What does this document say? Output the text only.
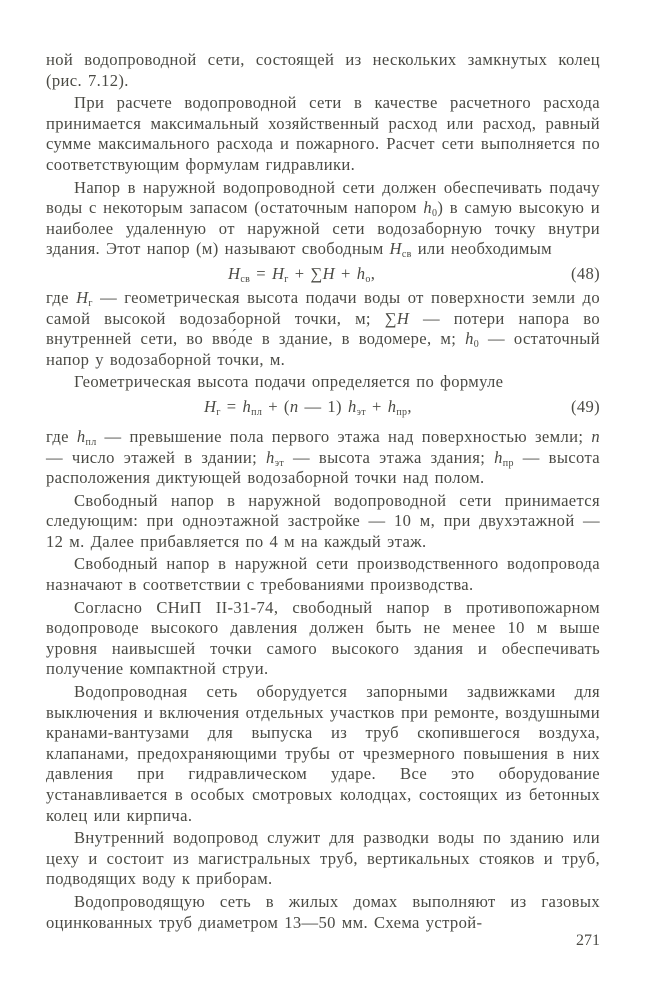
ной водопроводной сети, состоящей из нескольких замкнутых колец (рис. 7.12).

При расчете водопроводной сети в качестве расчетного расхода принимается максимальный хозяйственный расход или расход, равный сумме максимального расхода и пожарного. Расчет сети выполняется по соответствующим формулам гидравлики.

Напор в наружной водопроводной сети должен обеспечивать подачу воды с некоторым запасом (остаточным напором $h_0$) в самую высокую и наиболее удаленную от наружной сети водозаборную точку внутри здания. Этот напор (м) называют свободным $H_{св}$ или необходимым

$H_{св} = H_г + \sum H + h_о$,	(48)

где $H_г$ — геометрическая высота подачи воды от поверхности земли до самой высокой водозаборной точки, м; ∑H — потери напора во внутренней сети, во вво́де в здание, в водомере, м; $h_0$ — остаточный напор у водозаборной точки, м.

Геометрическая высота подачи определяется по формуле

$H_г = h_{пл} + (n$ — 1) $h_{эт} + h_{пр}$,	(49)

где $h_{пл}$ — превышение пола первого этажа над поверхностью земли; n — число этажей в здании; $h_{эт}$ — высота этажа здания; $h_{пр}$ — высота расположения диктующей водозаборной точки над полом.

Свободный напор в наружной водопроводной сети принимается следующим: при одноэтажной застройке — 10 м, при двухэтажной — 12 м. Далее прибавляется по 4 м на каждый этаж.

Свободный напор в наружной сети производственного водопровода назначают в соответствии с требованиями производства.

Согласно СНиП II-31-74, свободный напор в противопожарном водопроводе высокого давления должен быть не менее 10 м выше уровня наивысшей точки самого высокого здания и обеспечивать получение компактной струи.

Водопроводная сеть оборудуется запорными задвижками для выключения и включения отдельных участков при ремонте, воздушными кранами-вантузами для выпуска из труб скопившегося воздуха, клапанами, предохраняющими трубы от чрезмерного повышения в них давления при гидравлическом ударе. Все это оборудование устанавливается в особых смотровых колодцах, состоящих из бетонных колец или кирпича.

Внутренний водопровод служит для разводки воды по зданию или цеху и состоит из магистральных труб, вертикальных стояков и труб, подводящих воду к приборам.

Водопроводящую сеть в жилых домах выполняют из газовых оцинкованных труб диаметром 13—50 мм. Схема устрой-

271
